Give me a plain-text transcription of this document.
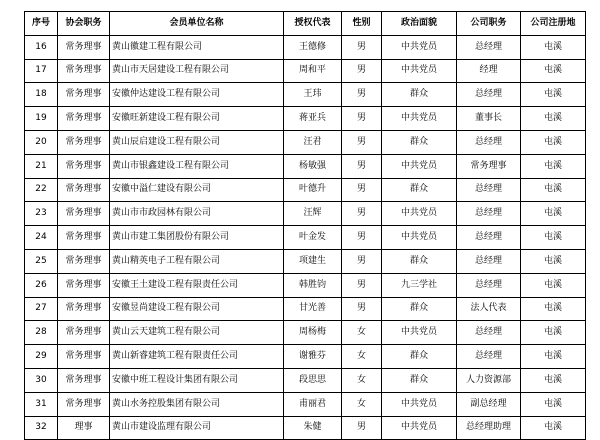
序号	协会职务	会员单位名称	授权代表	性别	政治面貌	公司职务	公司注册地
16	常务理事	黄山徽建工程有限公司	王德修	男	中共党员	总经理	屯溪
17	常务理事	黄山市天居建设工程有限公司	周和平	男	中共党员	经理	屯溪
18	常务理事	安徽仲达建设工程有限公司	王玮	男	群众	总经理	屯溪
19	常务理事	安徽旺新建设工程有限公司	蒋亚兵	男	中共党员	董事长	屯溪
20	常务理事	黄山辰启建设工程有限公司	汪君	男	群众	总经理	屯溪
21	常务理事	黄山市银鑫建设工程有限公司	杨敏强	男	中共党员	常务理事	屯溪
22	常务理事	安徽中溢仁建设有限公司	叶德升	男	群众	总经理	屯溪
23	常务理事	黄山市市政园林有限公司	汪辉	男	中共党员	总经理	屯溪
24	常务理事	黄山市建工集团股份有限公司	叶金发	男	中共党员	总经理	屯溪
25	常务理事	黄山精英电子工程有限公司	项建生	男	群众	总经理	屯溪
26	常务理事	安徽王土建设工程有限责任公司	韩胜钧	男	九三学社	总经理	屯溪
27	常务理事	安徽昱尚建设工程有限公司	甘光善	男	群众	法人代表	屯溪
28	常务理事	黄山云天建筑工程有限公司	周杨梅	女	中共党员	总经理	屯溪
29	常务理事	黄山新睿建筑工程有限责任公司	谢雅芬	女	群众	总经理	屯溪
30	常务理事	安徽中班工程设计集团有限公司	段思思	女	群众	人力资源部	屯溪
31	常务理事	黄山水务控股集团有限公司	甫丽君	女	中共党员	副总经理	屯溪
32	理事	黄山市建设监理有限公司	朱健	男	中共党员	总经理助理	屯溪
